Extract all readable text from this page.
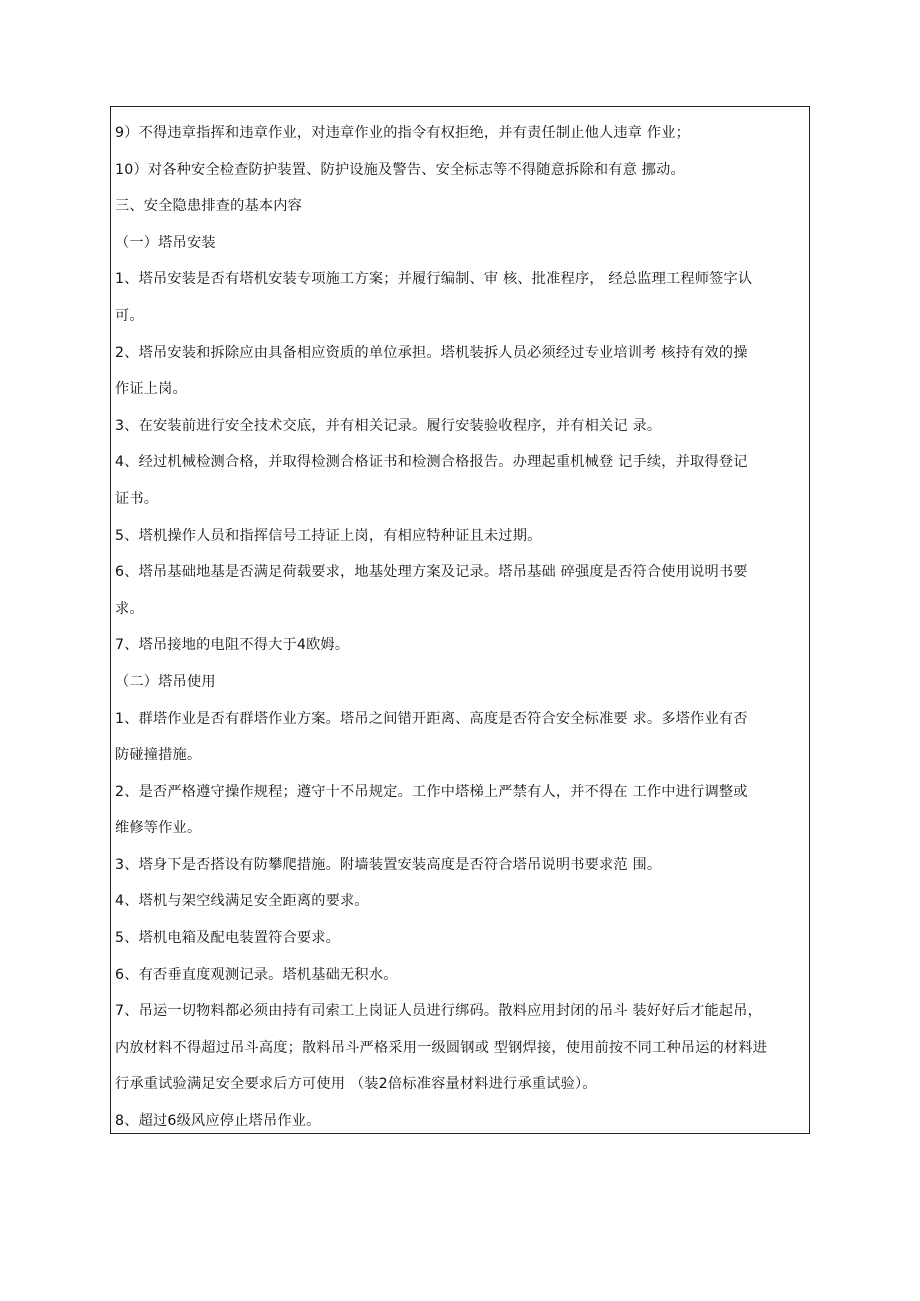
9）不得违章指挥和违章作业，对违章作业的指令有权拒绝，并有责任制止他人违章 作业；
10）对各种安全检查防护装置、防护设施及警告、安全标志等不得随意拆除和有意 挪动。
三、安全隐患排查的基本内容
（一）塔吊安装
1、塔吊安装是否有塔机安装专项施工方案；并履行编制、审 核、批准程序， 经总监理工程师签字认
可。
2、塔吊安装和拆除应由具备相应资质的单位承担。塔机装拆人员必须经过专业培训考 核持有效的操
作证上岗。
3、在安装前进行安全技术交底，并有相关记录。履行安装验收程序，并有相关记 录。
4、经过机械检测合格，并取得检测合格证书和检测合格报告。办理起重机械登 记手续，并取得登记
证书。
5、塔机操作人员和指挥信号工持证上岗，有相应特种证且未过期。
6、塔吊基础地基是否满足荷载要求，地基处理方案及记录。塔吊基础 碎强度是否符合使用说明书要
求。
7、塔吊接地的电阻不得大于4欧姆。
（二）塔吊使用
1、群塔作业是否有群塔作业方案。塔吊之间错开距离、高度是否符合安全标准要 求。多塔作业有否
防碰撞措施。
2、是否严格遵守操作规程；遵守十不吊规定。工作中塔梯上严禁有人，并不得在 工作中进行调整或
维修等作业。
3、塔身下是否搭设有防攀爬措施。附墙装置安装高度是否符合塔吊说明书要求范 围。
4、塔机与架空线满足安全距离的要求。
5、塔机电箱及配电装置符合要求。
6、有否垂直度观测记录。塔机基础无积水。
7、吊运一切物料都必须由持有司索工上岗证人员进行绑码。散料应用封闭的吊斗 装好好后才能起吊，
内放材料不得超过吊斗高度；散料吊斗严格采用一级圆钢或 型钢焊接，使用前按不同工种吊运的材料进
行承重试验满足安全要求后方可使用 （装2倍标准容量材料进行承重试验）。
8、超过6级风应停止塔吊作业。
